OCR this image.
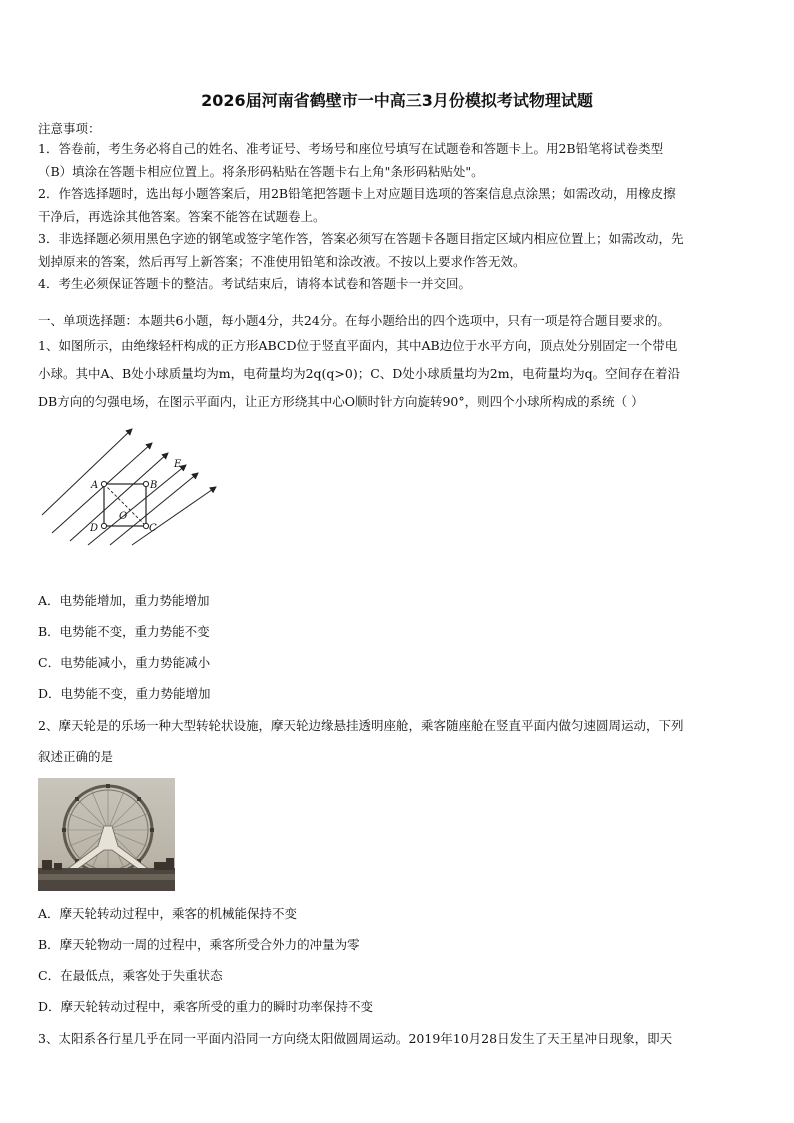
2026届河南省鹤壁市一中高三3月份模拟考试物理试题
注意事项：
1．答卷前，考生务必将自己的姓名、准考证号、考场号和座位号填写在试题卷和答题卡上。用2B铅笔将试卷类型
（B）填涂在答题卡相应位置上。将条形码粘贴在答题卡右上角"条形码粘贴处"。
2．作答选择题时，选出每小题答案后，用2B铅笔把答题卡上对应题目选项的答案信息点涂黑；如需改动，用橡皮擦
干净后，再选涂其他答案。答案不能答在试题卷上。
3．非选择题必须用黑色字迹的钢笔或签字笔作答，答案必须写在答题卡各题目指定区域内相应位置上；如需改动，先
划掉原来的答案，然后再写上新答案；不准使用铅笔和涂改液。不按以上要求作答无效。
4．考生必须保证答题卡的整洁。考试结束后，请将本试卷和答题卡一并交回。
一、单项选择题：本题共6小题，每小题4分，共24分。在每小题给出的四个选项中，只有一项是符合题目要求的。
1、如图所示，由绝缘轻杆构成的正方形ABCD位于竖直平面内，其中AB边位于水平方向，顶点处分别固定一个带电
小球。其中A、B处小球质量均为m，电荷量均为2q(q>0)；C、D处小球质量均为2m，电荷量均为q。空间存在着沿
DB方向的匀强电场，在图示平面内，让正方形绕其中心O顺时针方向旋转90°，则四个小球所构成的系统（ ）
A	B
C
D
O
E
A．电势能增加，重力势能增加
B．电势能不变，重力势能不变
C．电势能减小，重力势能减小
D．电势能不变，重力势能增加
2、摩天轮是的乐场一种大型转轮状设施，摩天轮边缘悬挂透明座舱，乘客随座舱在竖直平面内做匀速圆周运动，下列
叙述正确的是
A．摩天轮转动过程中，乘客的机械能保持不变
B．摩天轮物动一周的过程中，乘客所受合外力的冲量为零
C．在最低点，乘客处于失重状态
D．摩天轮转动过程中，乘客所受的重力的瞬时功率保持不变
3、太阳系各行星几乎在同一平面内沿同一方向绕太阳做圆周运动。2019年10月28日发生了天王星冲日现象，即天
